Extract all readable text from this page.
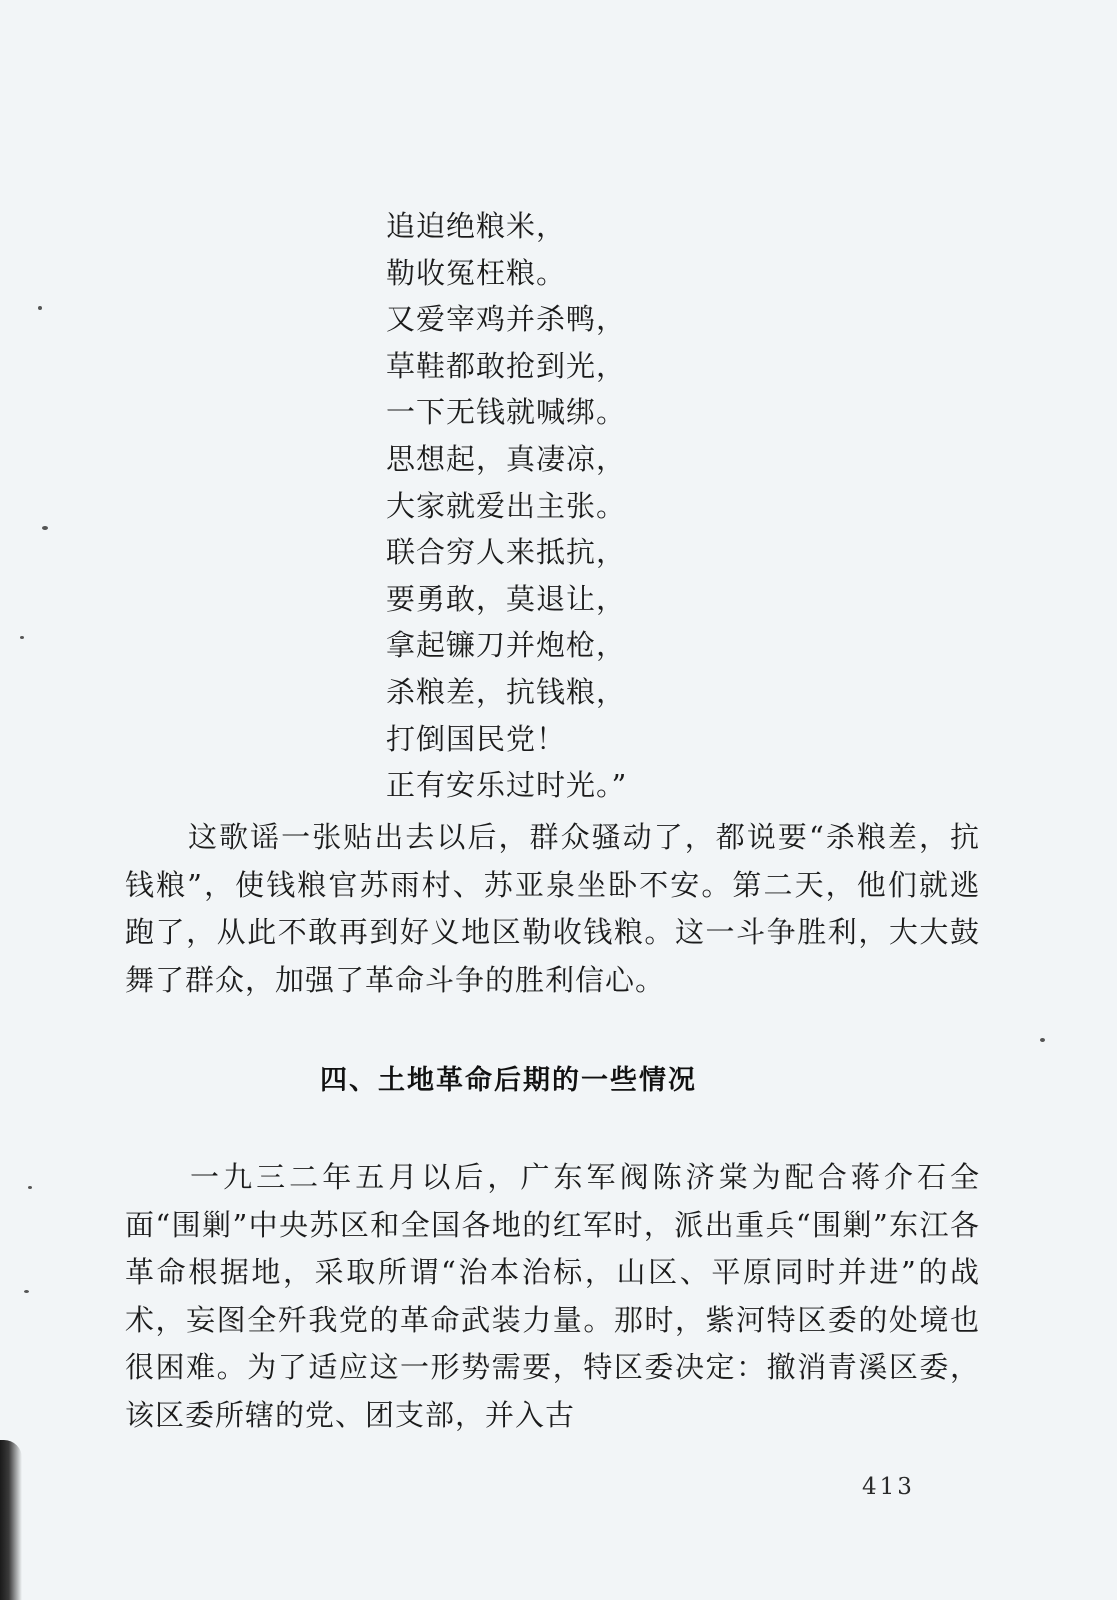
追迫绝粮米，
勒收冤枉粮。
又爱宰鸡并杀鸭，
草鞋都敢抢到光，
一下无钱就喊绑。
思想起，真凄凉，
大家就爱出主张。
联合穷人来抵抗，
要勇敢，莫退让，
拿起镰刀并炮枪，
杀粮差，抗钱粮，
打倒国民党！
正有安乐过时光。”
这歌谣一张贴出去以后，群众骚动了，都说要“杀粮差，抗钱粮”，使钱粮官苏雨村、苏亚泉坐卧不安。第二天，他们就逃跑了，从此不敢再到好义地区勒收钱粮。这一斗争胜利，大大鼓舞了群众，加强了革命斗争的胜利信心。
四、土地革命后期的一些情况
一九三二年五月以后，广东军阀陈济棠为配合蒋介石全面“围剿”中央苏区和全国各地的红军时，派出重兵“围剿”东江各革命根据地，采取所谓“治本治标，山区、平原同时并进”的战术，妄图全歼我党的革命武装力量。那时，紫河特区委的处境也很困难。为了适应这一形势需要，特区委决定：撤消青溪区委，该区委所辖的党、团支部，并入古
413
